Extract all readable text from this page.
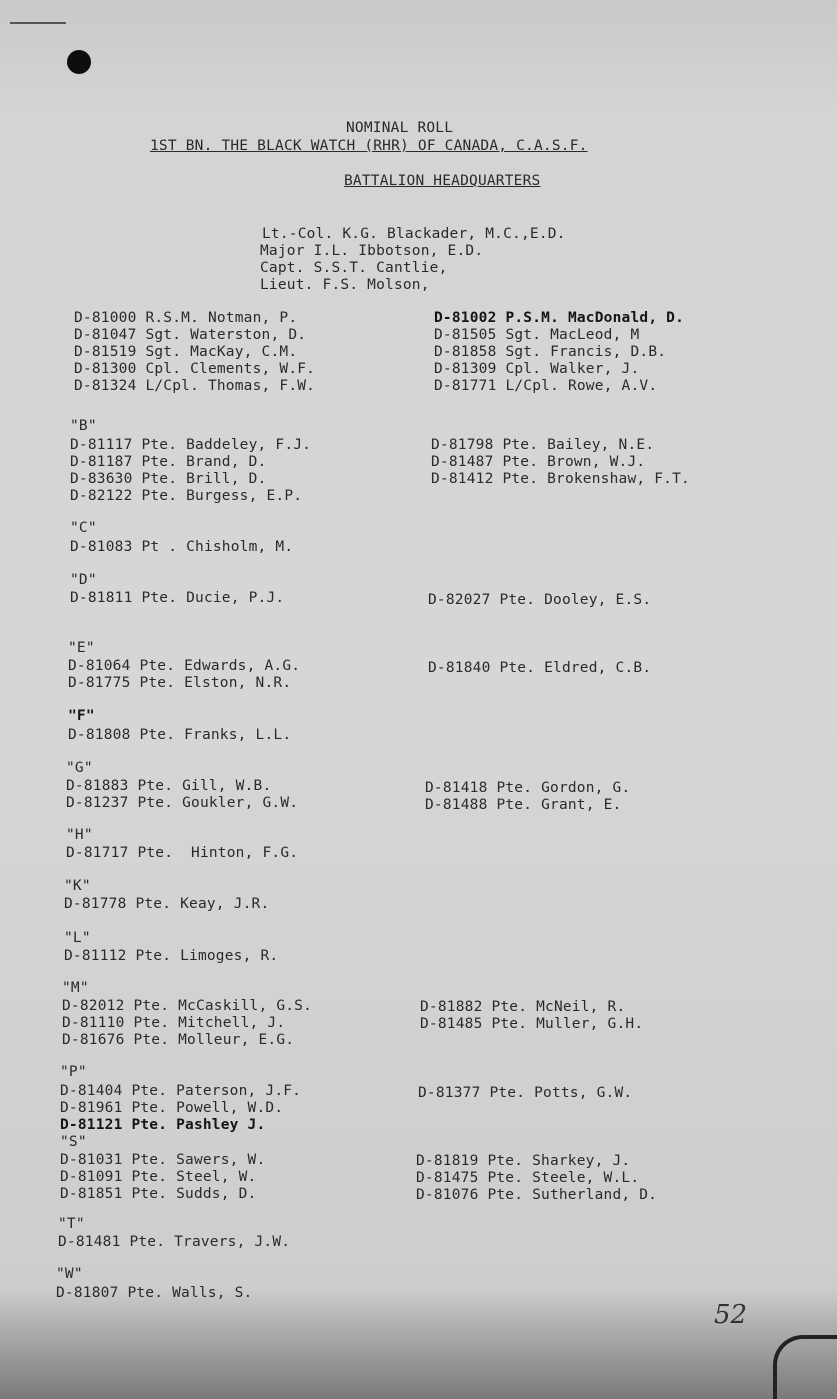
NOMINAL ROLL
1ST BN. THE BLACK WATCH (RHR) OF CANADA, C.A.S.F.
BATTALION HEADQUARTERS
Lt.-Col. K.G. Blackader, M.C.,E.D.
Major I.L. Ibbotson, E.D.
Capt. S.S.T. Cantlie,
Lieut. F.S. Molson,
D-81000 R.S.M. Notman, P.
D-81047 Sgt. Waterston, D.
D-81519 Sgt. MacKay, C.M.
D-81300 Cpl. Clements, W.F.
D-81324 L/Cpl. Thomas, F.W.
D-81002 P.S.M. MacDonald, D.
D-81505 Sgt. MacLeod, M
D-81858 Sgt. Francis, D.B.
D-81309 Cpl. Walker, J.
D-81771 L/Cpl. Rowe, A.V.
"B"
D-81117 Pte. Baddeley, F.J.
D-81187 Pte. Brand, D.
D-83630 Pte. Brill, D.
D-82122 Pte. Burgess, E.P.
D-81798 Pte. Bailey, N.E.
D-81487 Pte. Brown, W.J.
D-81412 Pte. Brokenshaw, F.T.
"C"
D-81083 Pt . Chisholm, M.
"D"
D-81811 Pte. Ducie, P.J.	D-82027 Pte. Dooley, E.S.
"E"
D-81064 Pte. Edwards, A.G.
D-81775 Pte. Elston, N.R.
D-81840 Pte. Eldred, C.B.
"F"
D-81808 Pte. Franks, L.L.
"G"
D-81883 Pte. Gill, W.B.
D-81237 Pte. Goukler, G.W.
D-81418 Pte. Gordon, G.
D-81488 Pte. Grant, E.
"H"
D-81717 Pte.  Hinton, F.G.
"K"
D-81778 Pte. Keay, J.R.
"L"
D-81112 Pte. Limoges, R.
"M"
D-82012 Pte. McCaskill, G.S.
D-81110 Pte. Mitchell, J.
D-81676 Pte. Molleur, E.G.
D-81882 Pte. McNeil, R.
D-81485 Pte. Muller, G.H.
"P"
D-81404 Pte. Paterson, J.F.
D-81961 Pte. Powell, W.D.
D-81121 Pte. Pashley J.
D-81377 Pte. Potts, G.W.
"S"
D-81031 Pte. Sawers, W.
D-81091 Pte. Steel, W.
D-81851 Pte. Sudds, D.
D-81819 Pte. Sharkey, J.
D-81475 Pte. Steele, W.L.
D-81076 Pte. Sutherland, D.
"T"
D-81481 Pte. Travers, J.W.
"W"
D-81807 Pte. Walls, S.
52
